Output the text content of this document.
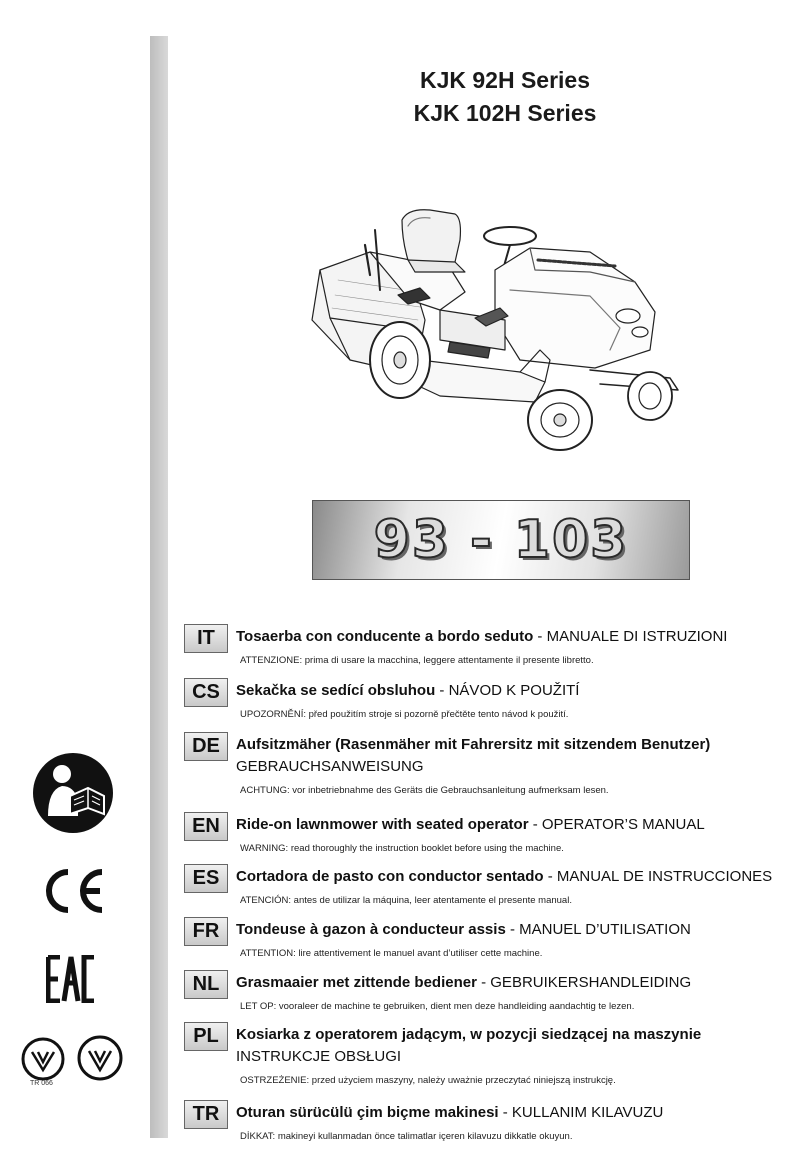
KJK 92H Series
KJK 102H Series
93 - 103
IT	Tosaerba con conducente a bordo seduto - MANUALE DI ISTRUZIONI
ATTENZIONE: prima di usare la macchina, leggere attentamente il presente libretto.
CS	Sekačka se sedící obsluhou - NÁVOD K POUŽITÍ
UPOZORNĚNÍ: před použitím stroje si pozorně přečtěte tento návod k použití.
DE	Aufsitzmäher (Rasenmäher mit Fahrersitz mit sitzendem Benutzer)
GEBRAUCHSANWEISUNG
ACHTUNG: vor inbetriebnahme des Geräts die Gebrauchsanleitung aufmerksam lesen.
EN	Ride-on lawnmower with seated operator - OPERATOR’S MANUAL
WARNING: read thoroughly the instruction booklet before using the machine.
ES	Cortadora de pasto con conductor sentado - MANUAL DE INSTRUCCIONES
ATENCIÓN: antes de utilizar la máquina, leer atentamente el presente manual.
FR	Tondeuse à gazon à conducteur assis - MANUEL D’UTILISATION
ATTENTION: lire attentivement le manuel avant d’utiliser cette machine.
NL	Grasmaaier met zittende bediener - GEBRUIKERSHANDLEIDING
LET OP: vooraleer de machine te gebruiken, dient men deze handleiding aandachtig te lezen.
PL	Kosiarka z operatorem jadącym, w pozycji siedzącej na maszynie
INSTRUKCJE OBSŁUGI
OSTRZEŻENIE: przed użyciem maszyny, należy uważnie przeczytać niniejszą instrukcję.
TR	Oturan sürücülü çim biçme makinesi - KULLANIM KILAVUZU
DİKKAT: makineyi kullanmadan önce talimatlar içeren kilavuzu dikkatle okuyun.
TR 066
